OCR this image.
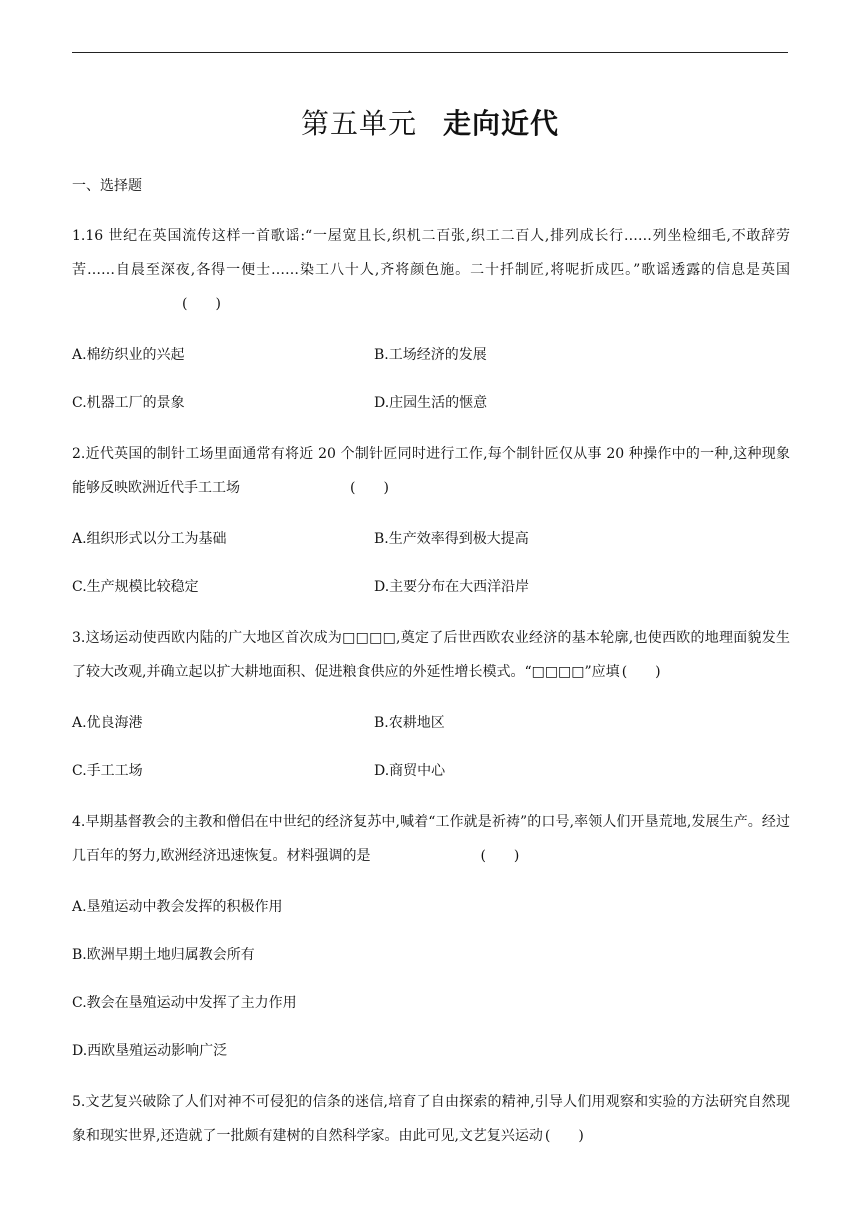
第五单元 走向近代
一、选择题

1.16 世纪在英国流传这样一首歌谣:“一屋宽且长,织机二百张,织工二百人,排列成长行……列坐检细毛,不敢辞劳苦……自晨至深夜,各得一便士……染工八十人,齐将颜色施。二十扦制匠,将呢折成匹。”歌谣透露的信息是英国(　　)

A.棉纺织业的兴起	B.工场经济的发展
C.机器工厂的景象	D.庄园生活的惬意

2.近代英国的制针工场里面通常有将近 20 个制针匠同时进行工作,每个制针匠仅从事 20 种操作中的一种,这种现象能够反映欧洲近代手工工场	(　　)

A.组织形式以分工为基础	B.生产效率得到极大提高
C.生产规模比较稳定	D.主要分布在大西洋沿岸

3.这场运动使西欧内陆的广大地区首次成为□□□□,奠定了后世西欧农业经济的基本轮廓,也使西欧的地理面貌发生了较大改观,并确立起以扩大耕地面积、促进粮食供应的外延性增长模式。“□□□□”应填 (　　)

A.优良海港	B.农耕地区
C.手工工场	D.商贸中心

4.早期基督教会的主教和僧侣在中世纪的经济复苏中,喊着“工作就是祈祷”的口号,率领人们开垦荒地,发展生产。经过几百年的努力,欧洲经济迅速恢复。材料强调的是	(　　)

A.垦殖运动中教会发挥的积极作用
B.欧洲早期土地归属教会所有
C.教会在垦殖运动中发挥了主力作用
D.西欧垦殖运动影响广泛

5.文艺复兴破除了人们对神不可侵犯的信条的迷信,培育了自由探索的精神,引导人们用观察和实验的方法研究自然现象和现实世界,还造就了一批颇有建树的自然科学家。由此可见,文艺复兴运动 (　　)
